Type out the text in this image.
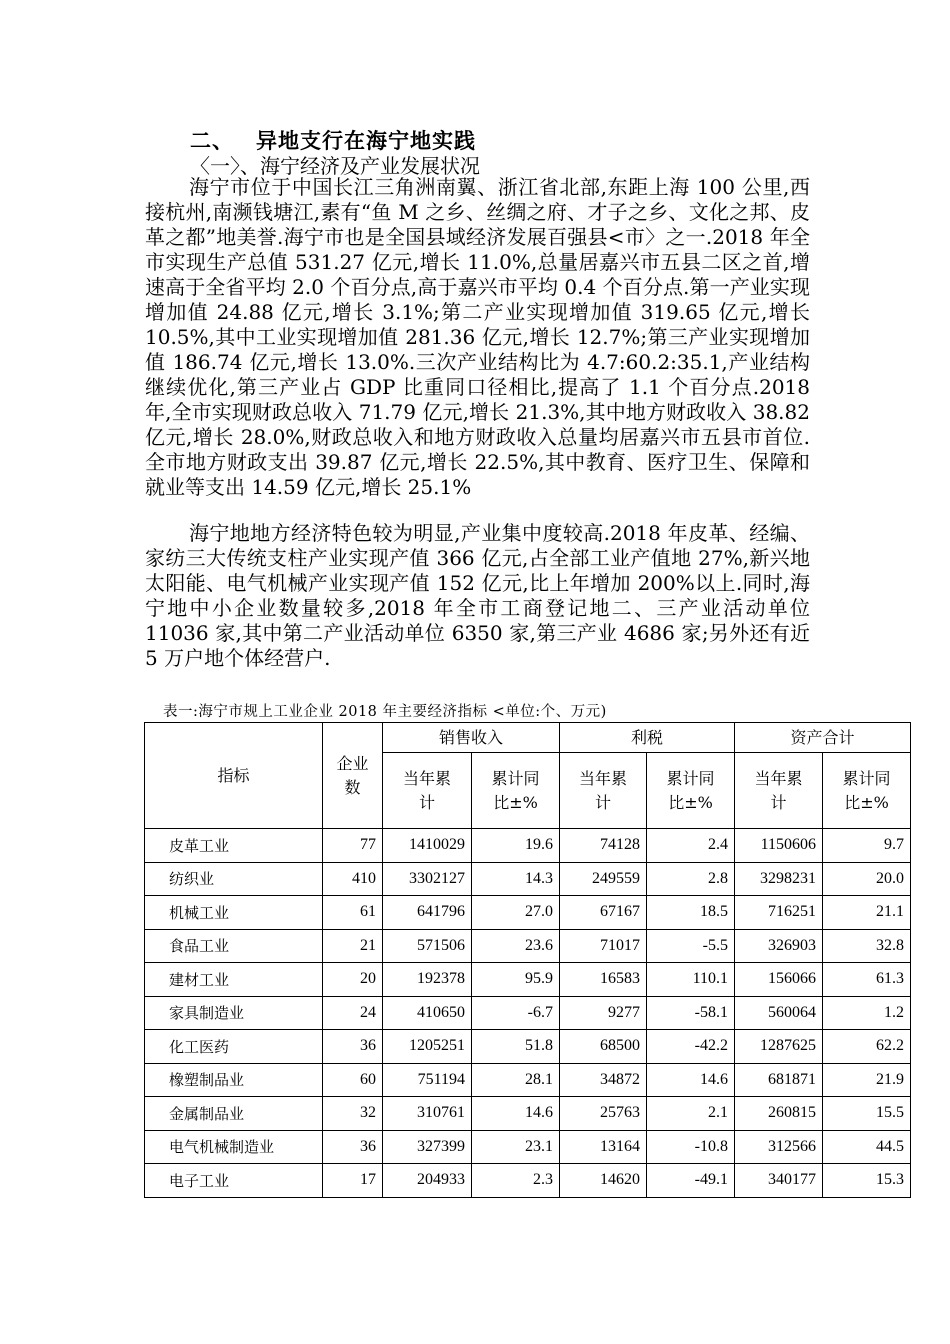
二、 异地支行在海宁地实践
〈一〉、海宁经济及产业发展状况

海宁市位于中国长江三角洲南翼、浙江省北部,东距上海 100 公里,西接杭州,南濒钱塘江,素有“鱼 M 之乡、丝绸之府、才子之乡、文化之邦、皮革之都”地美誉.海宁市也是全国县域经济发展百强县<市〉之一.2018 年全市实现生产总值 531.27 亿元,增长 11.0%,总量居嘉兴市五县二区之首,增速高于全省平均 2.0 个百分点,高于嘉兴市平均 0.4 个百分点.第一产业实现增加值 24.88 亿元,增长 3.1%;第二产业实现增加值 319.65 亿元,增长 10.5%,其中工业实现增加值 281.36 亿元,增长 12.7%;第三产业实现增加值 186.74 亿元,增长 13.0%.三次产业结构比为 4.7:60.2:35.1,产业结构继续优化,第三产业占 GDP 比重同口径相比,提高了 1.1 个百分点.2018 年,全市实现财政总收入 71.79 亿元,增长 21.3%,其中地方财政收入 38.82 亿元,增长 28.0%,财政总收入和地方财政收入总量均居嘉兴市五县市首位.全市地方财政支出 39.87 亿元,增长 22.5%,其中教育、医疗卫生、保障和就业等支出 14.59 亿元,增长 25.1%

海宁地地方经济特色较为明显,产业集中度较高.2018 年皮革、经编、家纺三大传统支柱产业实现产值 366 亿元,占全部工业产值地 27%,新兴地太阳能、电气机械产业实现产值 152 亿元,比上年增加 200%以上.同时,海宁地中小企业数量较多,2018 年全市工商登记地二、三产业活动单位 11036 家,其中第二产业活动单位 6350 家,第三产业 4686 家;另外还有近 5 万户地个体经营户.

表一:海宁市规上工业企业 2018 年主要经济指标 <单位:个、万元)
指标	企业数	销售收入		利税		资产合计	
		当年累计	累计同比±%	当年累计	累计同比±%	当年累计	累计同比±%
皮革工业	77	1410029	19.6	74128	2.4	1150606	9.7
纺织业	410	3302127	14.3	249559	2.8	3298231	20.0
机械工业	61	641796	27.0	67167	18.5	716251	21.1
食品工业	21	571506	23.6	71017	-5.5	326903	32.8
建材工业	20	192378	95.9	16583	110.1	156066	61.3
家具制造业	24	410650	-6.7	9277	-58.1	560064	1.2
化工医药	36	1205251	51.8	68500	-42.2	1287625	62.2
橡塑制品业	60	751194	28.1	34872	14.6	681871	21.9
金属制品业	32	310761	14.6	25763	2.1	260815	15.5
电气机械制造业	36	327399	23.1	13164	-10.8	312566	44.5
电子工业	17	204933	2.3	14620	-49.1	340177	15.3
